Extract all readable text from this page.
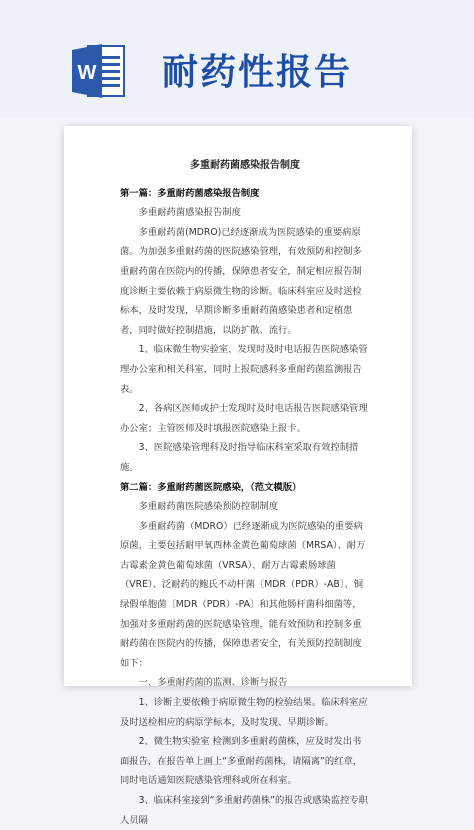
W 耐药性报告

多重耐药菌感染报告制度

第一篇：多重耐药菌感染报告制度

多重耐药菌感染报告制度

多重耐药菌(MDRO)已经逐渐成为医院感染的重要病原菌。为加强多重耐药菌的医院感染管理，有效预防和控制多重耐药菌在医院内的传播，保障患者安全，制定相应报告制度诊断主要依赖于病原微生物的诊断。临床科室应及时送检标本，及时发现，早期诊断多重耐药菌感染患者和定植患者，同时做好控制措施，以防扩散、流行。

1、临床微生物实验室、发现时及时电话报告医院感染管理办公室和相关科室，同时上报院感科多重耐药菌监测报告表。

2、各病区医师或护士发现时及时电话报告医院感染管理办公室；主管医师及时填报医院感染上报卡。

3、医院感染管理科及时指导临床科室采取有效控制措施。

第二篇：多重耐药菌医院感染，（范文模版）

多重耐药菌医院感染预防控制制度

多重耐药菌（MDRO）已经逐渐成为医院感染的重要病原菌，主要包括耐甲氧西林金黄色葡萄球菌（MRSA）、耐万古霉素金黄色葡萄球菌（VRSA）、耐万古霉素肠球菌（VRE）、泛耐药的鲍氏不动杆菌〔MDR（PDR）-AB〕、铜绿假单胞菌〔MDR（PDR）-PA〕和其他肠杆菌科细菌等，加强对多重耐药菌的医院感染管理，能有效预防和控制多重耐药菌在医院内的传播，保障患者安全，有关预防控制制度如下：

一、多重耐药菌的监测、诊断与报告

1、诊断主要依赖于病原微生物的检验结果。临床科室应及时送检相应的病原学标本，及时发现、早期诊断。

2、微生物实验室 检测到多重耐药菌株，应及时发出书面报告，在报告单上画上“多重耐药菌株，请隔离”的红章，同时电话通知医院感染管理科或所在科室。

3、临床科室接到“多重耐药菌株”的报告或感染监控专职人员隔
